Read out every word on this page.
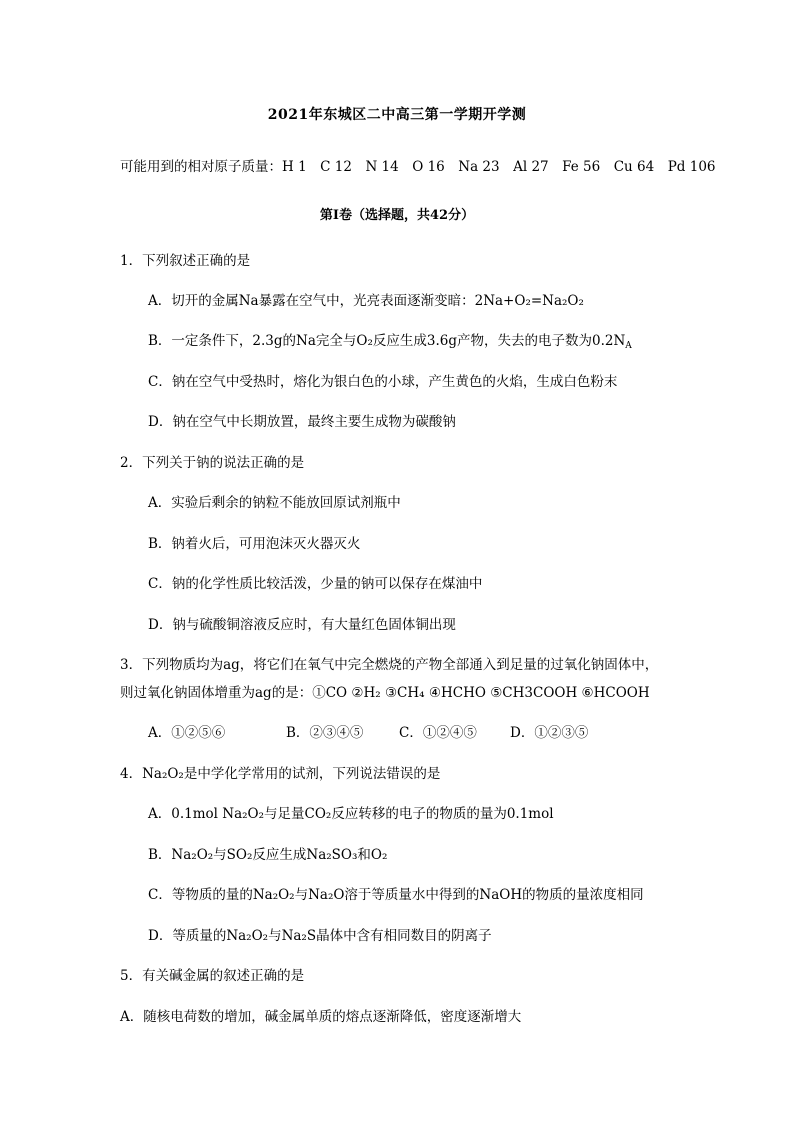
2021年东城区二中高三第一学期开学测
可能用到的相对原子质量：H 1　C 12　N 14　O 16　Na 23　Al 27　Fe 56　Cu 64　Pd 106
第Ⅰ卷（选择题，共42分）
1．下列叙述正确的是
A．切开的金属Na暴露在空气中，光亮表面逐渐变暗：2Na+O₂=Na₂O₂
B．一定条件下，2.3g的Na完全与O₂反应生成3.6g产物，失去的电子数为$0.2N_A$
C．钠在空气中受热时，熔化为银白色的小球，产生黄色的火焰，生成白色粉末
D．钠在空气中长期放置，最终主要生成物为碳酸钠
2．下列关于钠的说法正确的是
A．实验后剩余的钠粒不能放回原试剂瓶中
B．钠着火后，可用泡沫灭火器灭火
C．钠的化学性质比较活泼，少量的钠可以保存在煤油中
D．钠与硫酸铜溶液反应时，有大量红色固体铜出现
3．下列物质均为ag，将它们在氧气中完全燃烧的产物全部通入到足量的过氧化钠固体中，
则过氧化钠固体增重为ag的是：①CO ②H₂ ③CH₄ ④HCHO ⑤CH3COOH ⑥HCOOH
A．①②⑤⑥	B．②③④⑤	C．①②④⑤ D．①②③⑤
4．Na₂O₂是中学化学常用的试剂，下列说法错误的是
A．0.1mol Na₂O₂与足量CO₂反应转移的电子的物质的量为0.1mol
B．Na₂O₂与SO₂反应生成Na₂SO₃和O₂
C．等物质的量的Na₂O₂与Na₂O溶于等质量水中得到的NaOH的物质的量浓度相同
D．等质量的Na₂O₂与Na₂S晶体中含有相同数目的阴离子
5．有关碱金属的叙述正确的是
A．随核电荷数的增加，碱金属单质的熔点逐渐降低，密度逐渐增大
